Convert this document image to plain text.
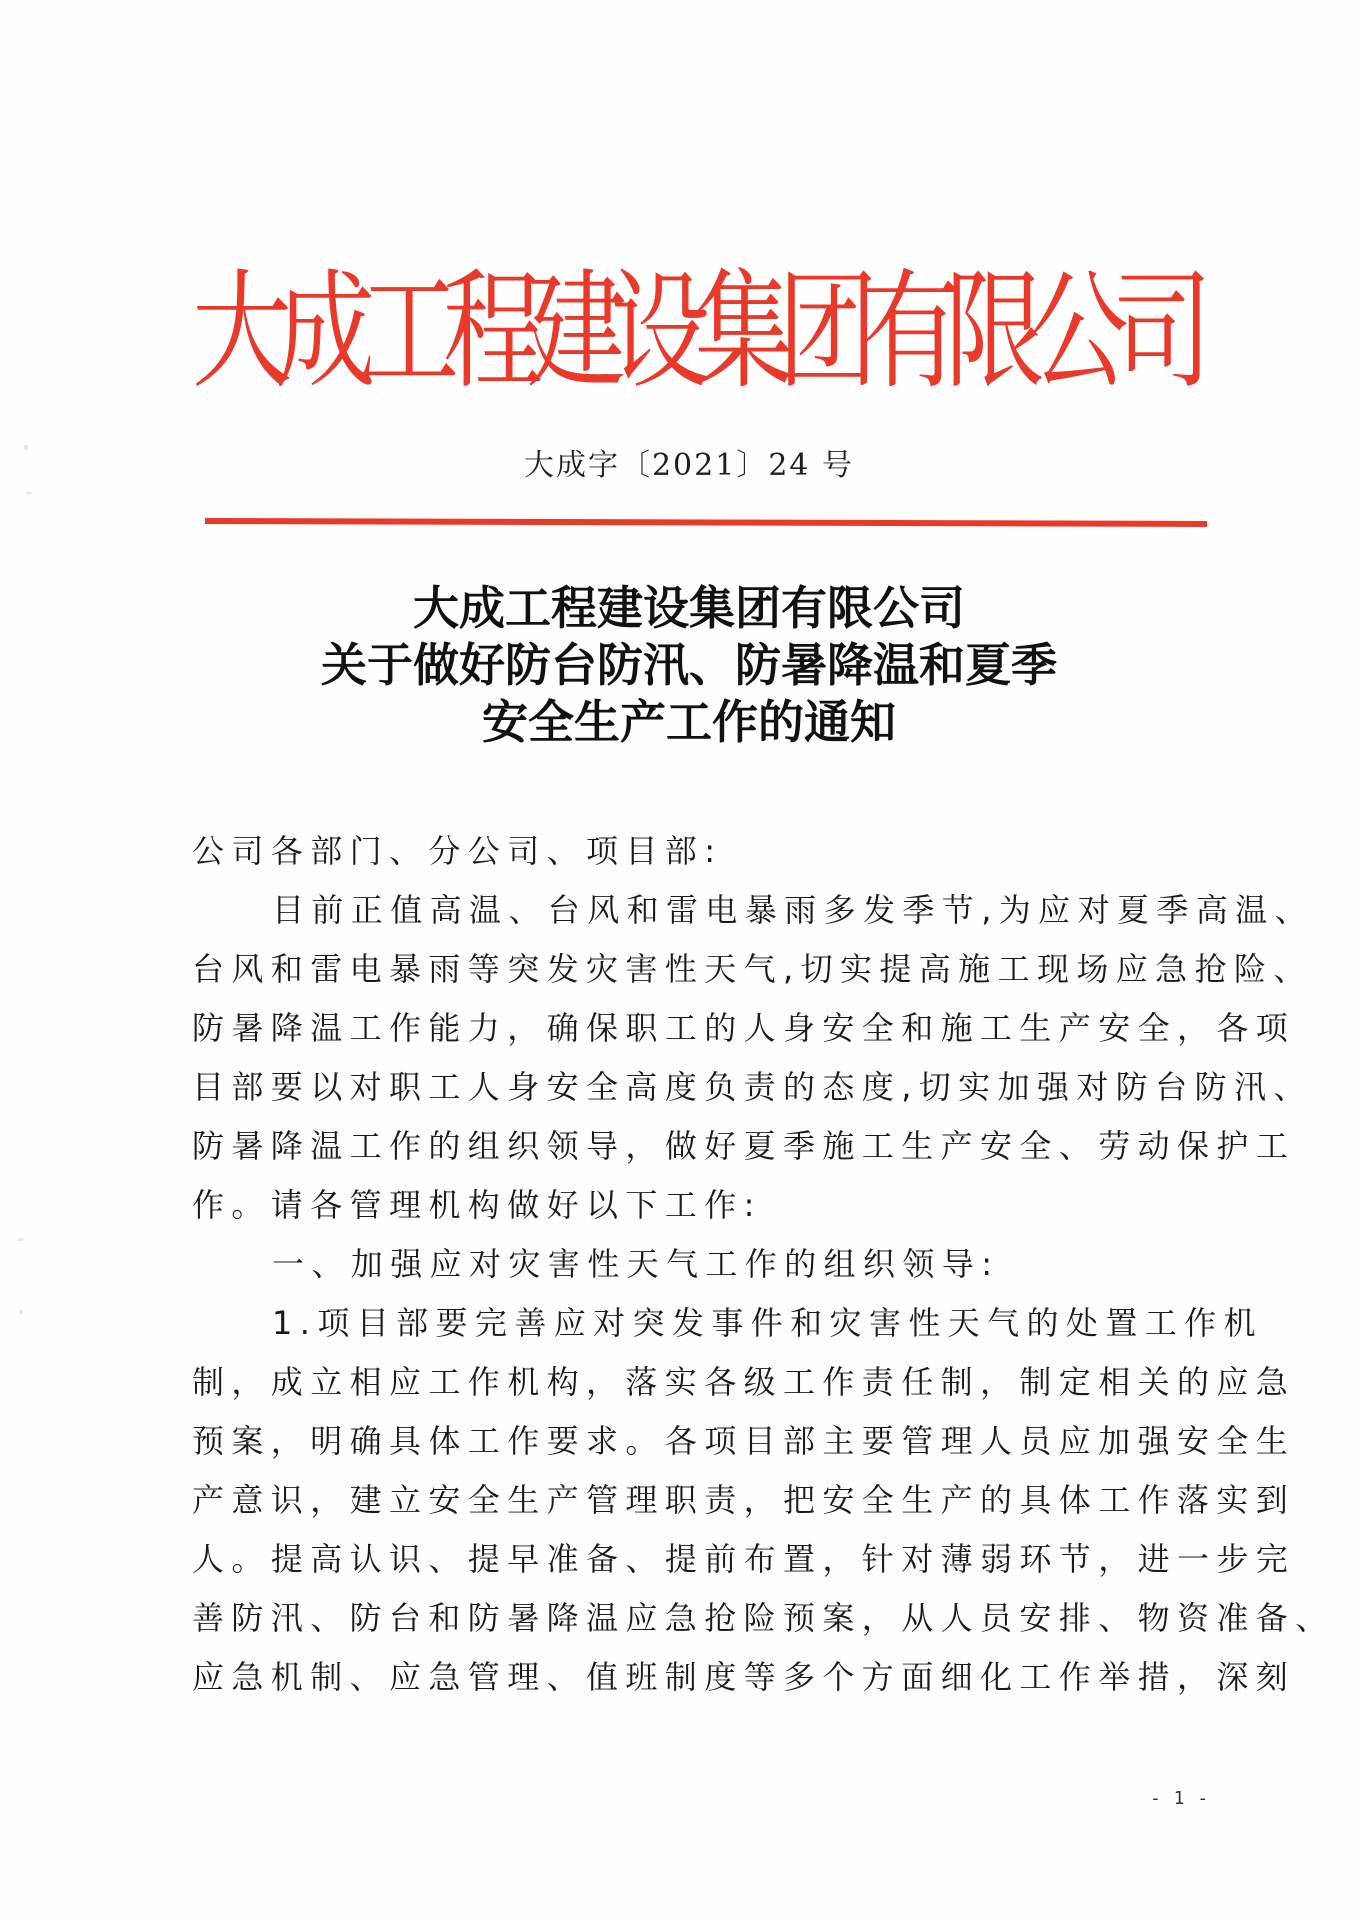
大
成
工
程
建
设
集
团
有
限
公
司
大成字〔2021〕24 号
大成工程建设集团有限公司
关于做好防台防汛、防暑降温和夏季
安全生产工作的通知
公司各部门、分公司、项目部:
目前正值高温、台风和雷电暴雨多发季节,为应对夏季高温、
台风和雷电暴雨等突发灾害性天气,切实提高施工现场应急抢险、
防暑降温工作能力，确保职工的人身安全和施工生产安全，各项
目部要以对职工人身安全高度负责的态度,切实加强对防台防汛、
防暑降温工作的组织领导，做好夏季施工生产安全、劳动保护工
作。请各管理机构做好以下工作:
一、加强应对灾害性天气工作的组织领导:
1.项目部要完善应对突发事件和灾害性天气的处置工作机
制，成立相应工作机构，落实各级工作责任制，制定相关的应急
预案，明确具体工作要求。各项目部主要管理人员应加强安全生
产意识，建立安全生产管理职责，把安全生产的具体工作落实到
人。提高认识、提早准备、提前布置，针对薄弱环节，进一步完
善防汛、防台和防暑降温应急抢险预案，从人员安排、物资准备、
应急机制、应急管理、值班制度等多个方面细化工作举措，深刻
- 1 -
